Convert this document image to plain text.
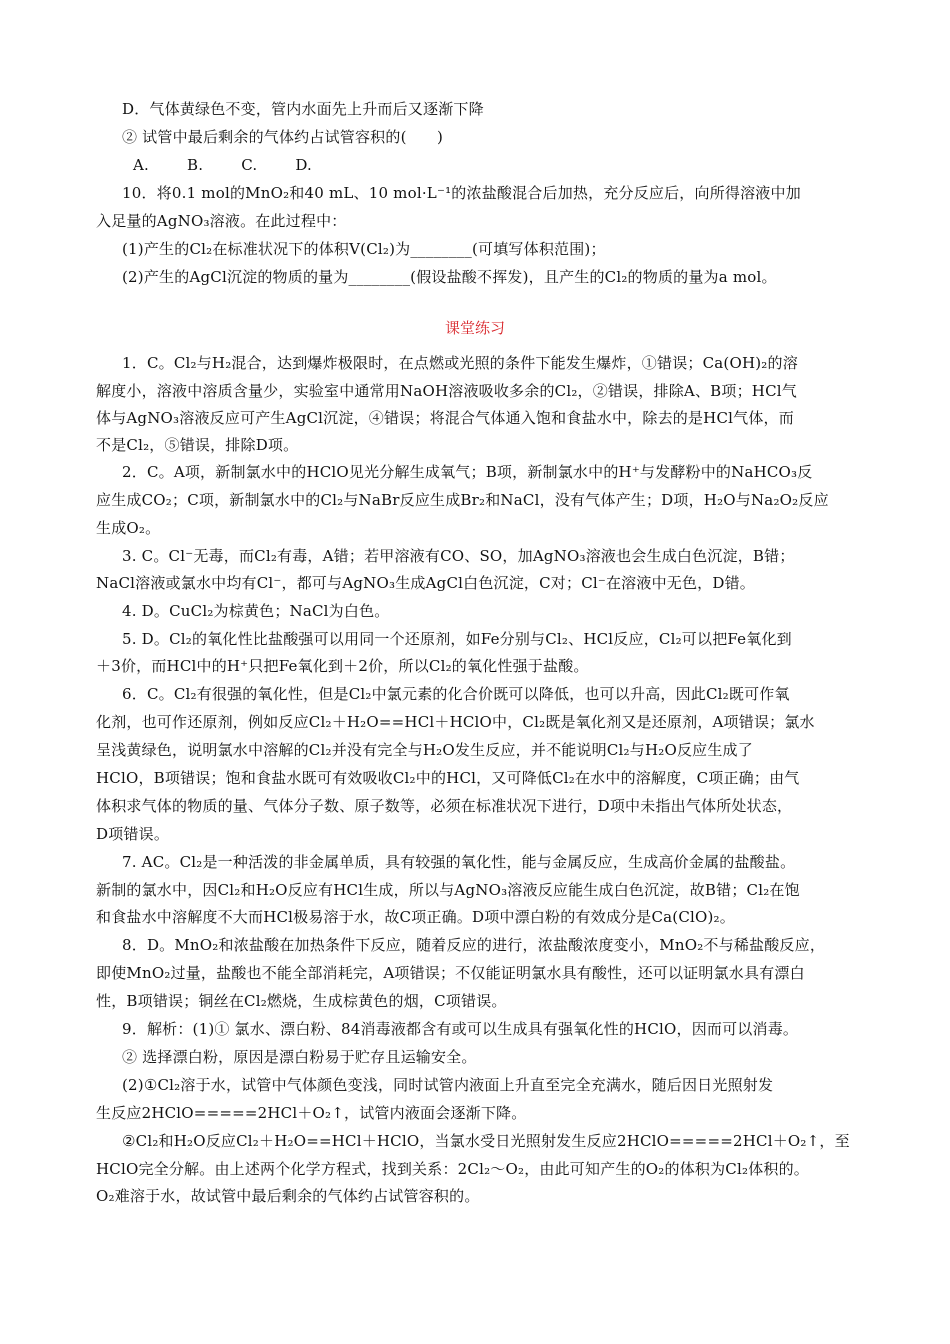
D．气体黄绿色不变，管内水面先上升而后又逐渐下降
② 试管中最后剩余的气体约占试管容积的(　　)
A.	B.	C.	D.
10．将0.1 mol的MnO₂和40 mL、10 mol·L⁻¹的浓盐酸混合后加热，充分反应后，向所得溶液中加
入足量的AgNO₃溶液。在此过程中：
(1)产生的Cl₂在标准状况下的体积V(Cl₂)为________(可填写体积范围)；
(2)产生的AgCl沉淀的物质的量为________(假设盐酸不挥发)，且产生的Cl₂的物质的量为a mol。
课堂练习
1．C。Cl₂与H₂混合，达到爆炸极限时，在点燃或光照的条件下能发生爆炸，①错误；Ca(OH)₂的溶
解度小，溶液中溶质含量少，实验室中通常用NaOH溶液吸收多余的Cl₂，②错误，排除A、B项；HCl气
体与AgNO₃溶液反应可产生AgCl沉淀，④错误；将混合气体通入饱和食盐水中，除去的是HCl气体，而
不是Cl₂，⑤错误，排除D项。
2．C。A项，新制氯水中的HClO见光分解生成氧气；B项，新制氯水中的H⁺与发酵粉中的NaHCO₃反
应生成CO₂；C项，新制氯水中的Cl₂与NaBr反应生成Br₂和NaCl，没有气体产生；D项，H₂O与Na₂O₂反应
生成O₂。
3. C。Cl⁻无毒，而Cl₂有毒，A错；若甲溶液有CO、SO，加AgNO₃溶液也会生成白色沉淀，B错；
NaCl溶液或氯水中均有Cl⁻，都可与AgNO₃生成AgCl白色沉淀，C对；Cl⁻在溶液中无色，D错。
4. D。CuCl₂为棕黄色；NaCl为白色。
5. D。Cl₂的氧化性比盐酸强可以用同一个还原剂，如Fe分别与Cl₂、HCl反应，Cl₂可以把Fe氧化到
＋3价，而HCl中的H⁺只把Fe氧化到＋2价，所以Cl₂的氧化性强于盐酸。
6．C。Cl₂有很强的氧化性，但是Cl₂中氯元素的化合价既可以降低，也可以升高，因此Cl₂既可作氧
化剂，也可作还原剂，例如反应Cl₂＋H₂O==HCl＋HClO中，Cl₂既是氧化剂又是还原剂，A项错误；氯水
呈浅黄绿色，说明氯水中溶解的Cl₂并没有完全与H₂O发生反应，并不能说明Cl₂与H₂O反应生成了
HClO，B项错误；饱和食盐水既可有效吸收Cl₂中的HCl，又可降低Cl₂在水中的溶解度，C项正确；由气
体积求气体的物质的量、气体分子数、原子数等，必须在标准状况下进行，D项中未指出气体所处状态，
D项错误。
7. AC。Cl₂是一种活泼的非金属单质，具有较强的氧化性，能与金属反应，生成高价金属的盐酸盐。
新制的氯水中，因Cl₂和H₂O反应有HCl生成，所以与AgNO₃溶液反应能生成白色沉淀，故B错；Cl₂在饱
和食盐水中溶解度不大而HCl极易溶于水，故C项正确。D项中漂白粉的有效成分是Ca(ClO)₂。
8．D。MnO₂和浓盐酸在加热条件下反应，随着反应的进行，浓盐酸浓度变小，MnO₂不与稀盐酸反应，
即使MnO₂过量，盐酸也不能全部消耗完，A项错误；不仅能证明氯水具有酸性，还可以证明氯水具有漂白
性，B项错误；铜丝在Cl₂燃烧，生成棕黄色的烟，C项错误。
9．解析：(1)① 氯水、漂白粉、84消毒液都含有或可以生成具有强氧化性的HClO，因而可以消毒。
② 选择漂白粉，原因是漂白粉易于贮存且运输安全。
(2)①Cl₂溶于水，试管中气体颜色变浅，同时试管内液面上升直至完全充满水，随后因日光照射发
生反应2HClO=====2HCl＋O₂↑，试管内液面会逐渐下降。
②Cl₂和H₂O反应Cl₂＋H₂O==HCl＋HClO，当氯水受日光照射发生反应2HClO=====2HCl＋O₂↑，至
HClO完全分解。由上述两个化学方程式，找到关系：2Cl₂～O₂，由此可知产生的O₂的体积为Cl₂体积的。
O₂难溶于水，故试管中最后剩余的气体约占试管容积的。
